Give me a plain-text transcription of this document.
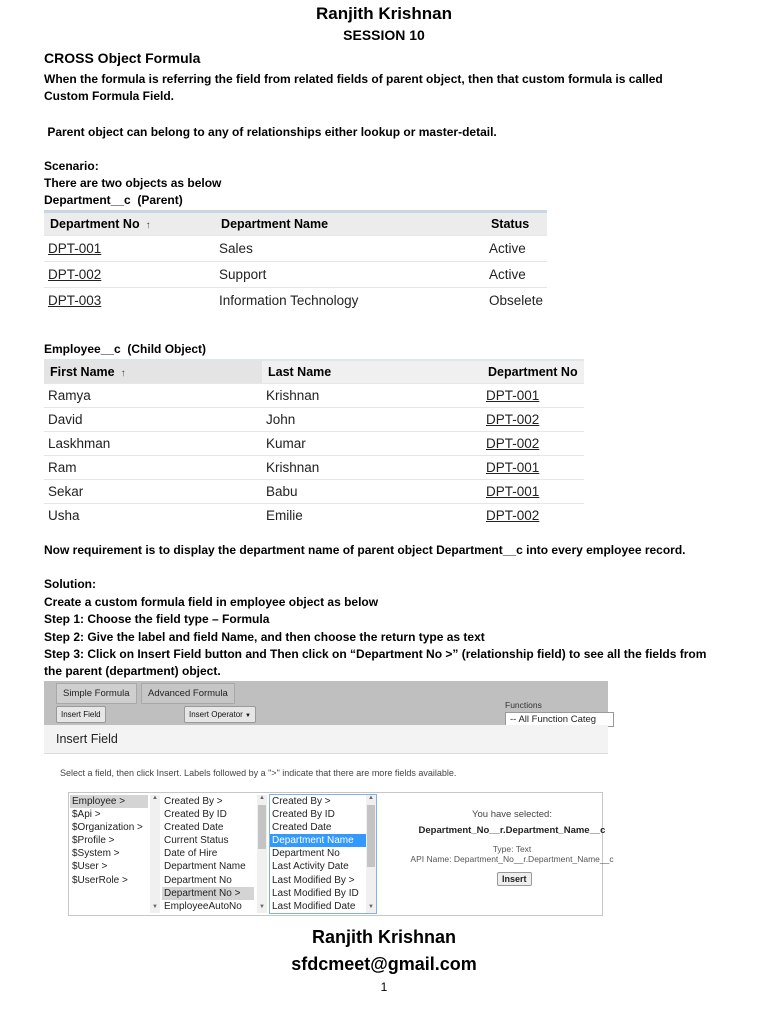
Ranjith Krishnan
SESSION 10
CROSS Object Formula
When the formula is referring the field from related fields of parent object, then that custom formula is called
Custom Formula Field.
Parent object can belong to any of relationships either lookup or master-detail.
Scenario:
There are two objects as below
Department__c  (Parent)
Department No ↑	Department Name	Status
DPT-001	Sales	Active
DPT-002	Support	Active
DPT-003	Information Technology	Obselete
Employee__c  (Child Object)
First Name ↑	Last Name	Department No
Ramya	Krishnan	DPT-001
David	John	DPT-002
Laskhman	Kumar	DPT-002
Ram	Krishnan	DPT-001
Sekar	Babu	DPT-001
Usha	Emilie	DPT-002
Now requirement is to display the department name of parent object Department__c into every employee record.
Solution:
Create a custom formula field in employee object as below
Step 1: Choose the field type – Formula
Step 2: Give the label and field Name, and then choose the return type as text
Step 3: Click on Insert Field button and Then click on “Department No >” (relationship field) to see all the fields from
the parent (department) object.
Simple Formula	Advanced Formula
Insert Field	Insert Operator ▼
Functions
-- All Function Categ
Insert Field
Select a field, then click Insert. Labels followed by a ">" indicate that there are more fields available.
Employee >
$Api >
$Organization >
$Profile >
$System >
$User >
$UserRole >
▲
▼
Created By >
Created By ID
Created Date
Current Status
Date of Hire
Department Name
Department No
Department No >
EmployeeAutoNo
▲
▼
Created By >
Created By ID
Created Date
Department Name
Department No
Last Activity Date
Last Modified By >
Last Modified By ID
Last Modified Date
▲
▼
You have selected:
Department_No__r.Department_Name__c
Type: Text
API Name: Department_No__r.Department_Name__c
Insert
Ranjith Krishnan
sfdcmeet@gmail.com
1
